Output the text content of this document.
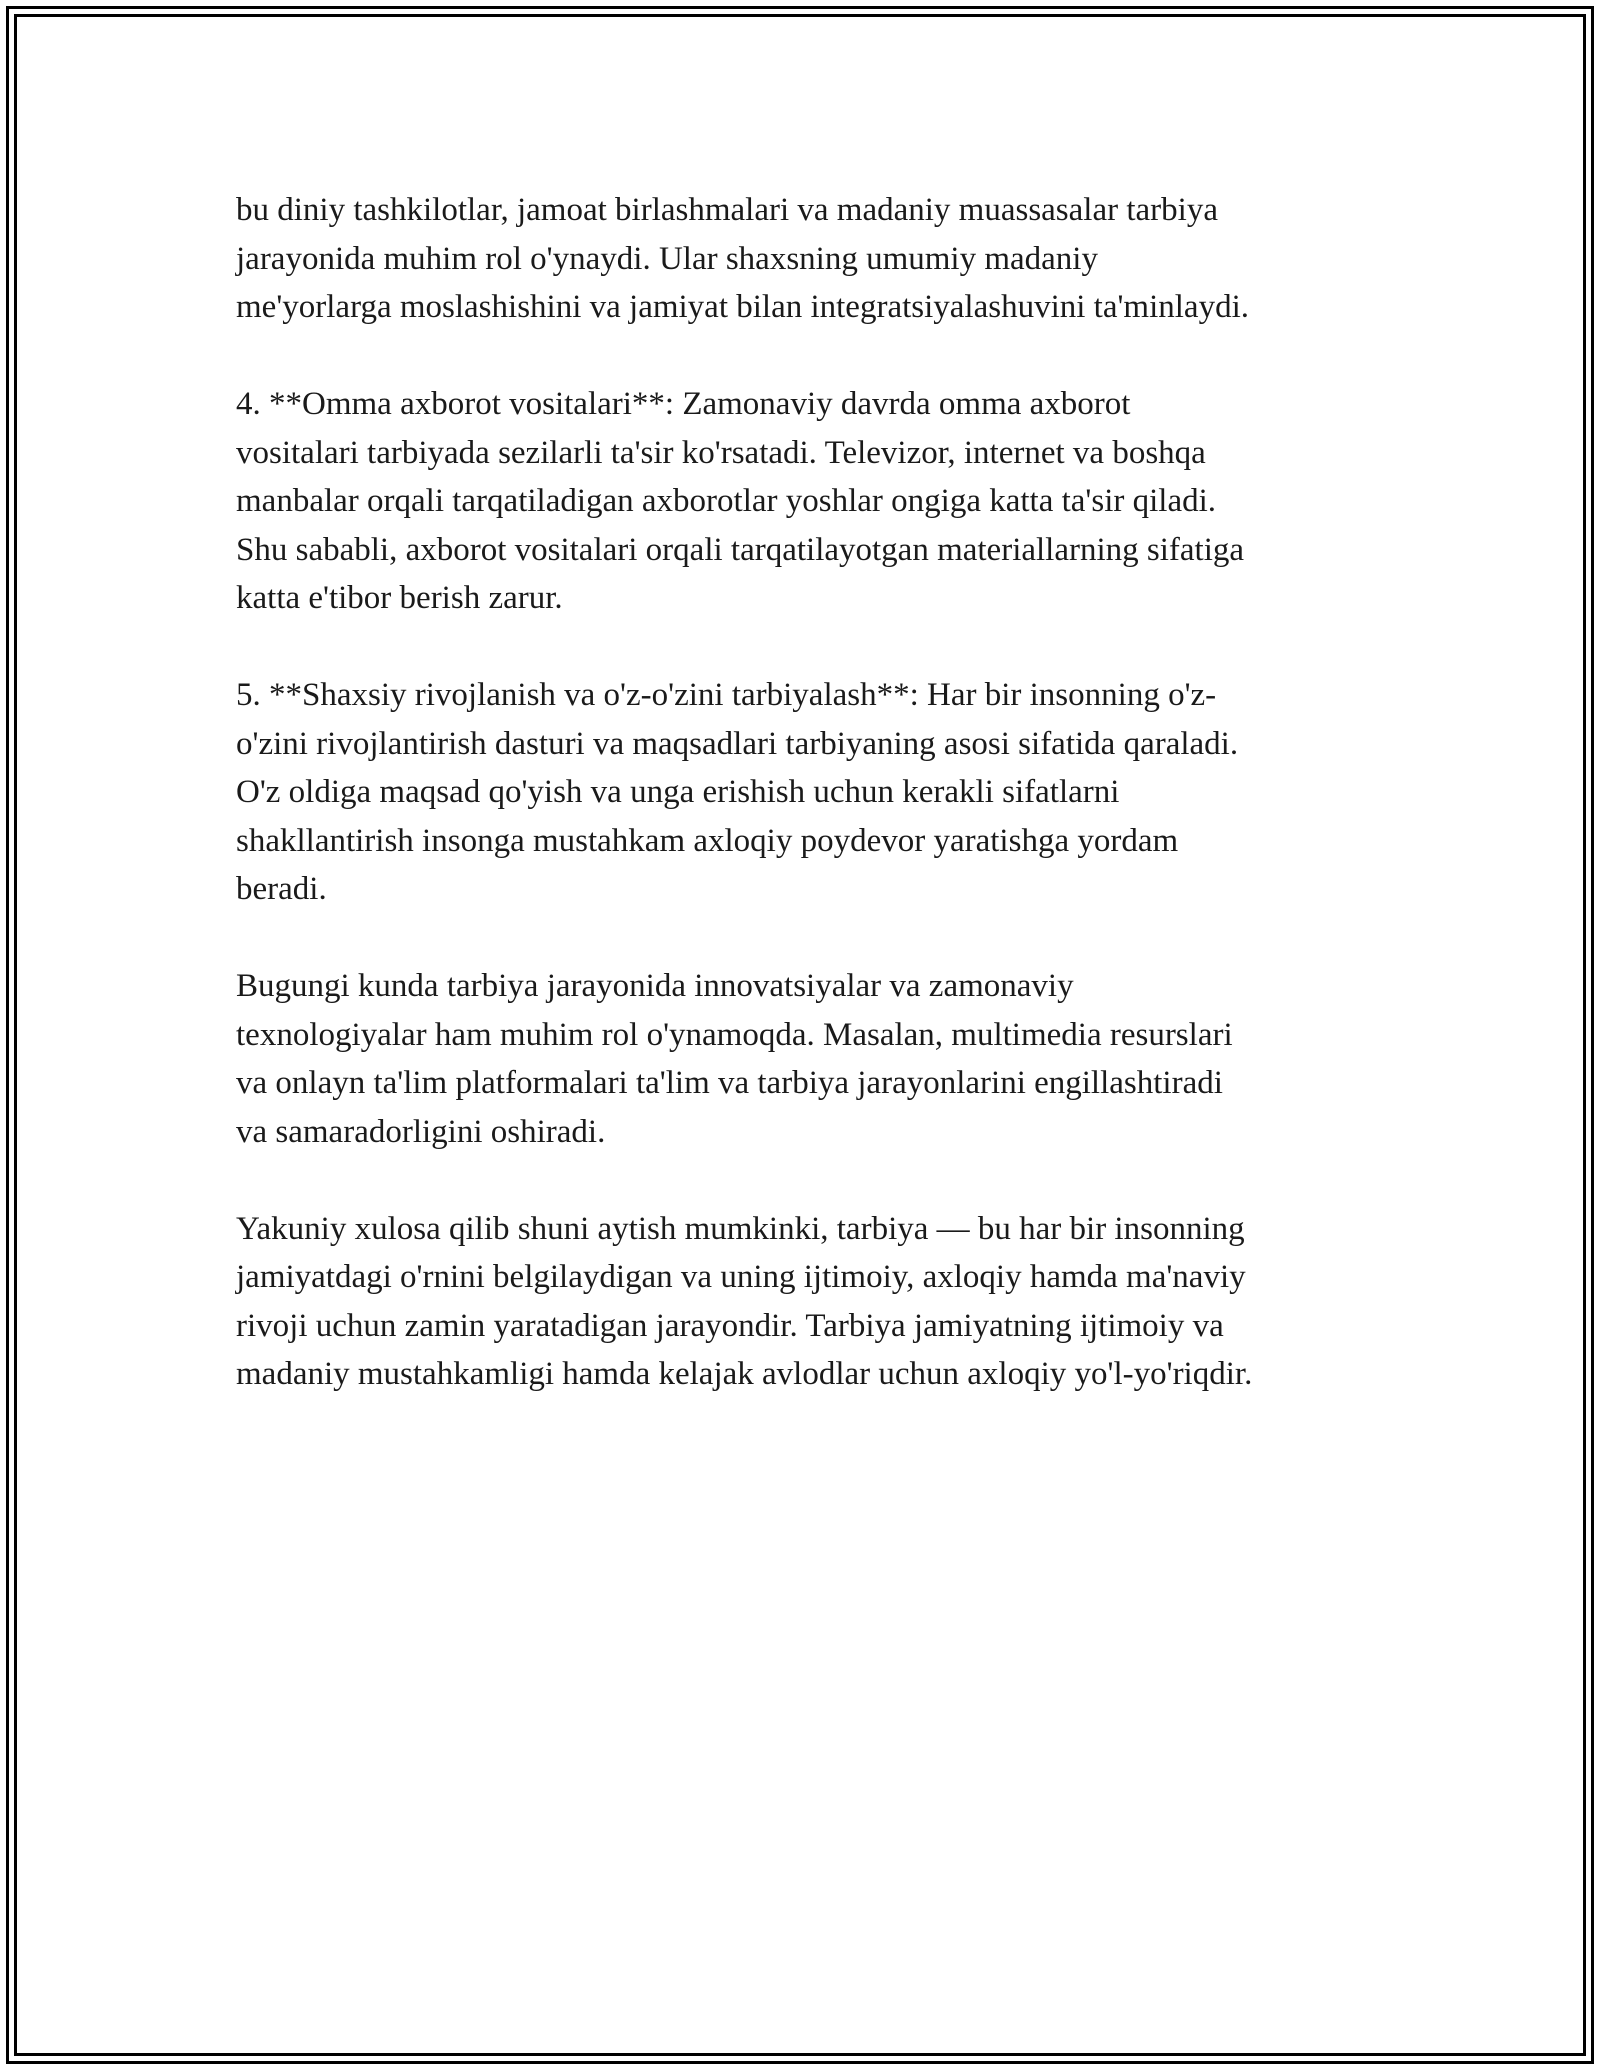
bu diniy tashkilotlar, jamoat birlashmalari va madaniy muassasalar tarbiya
jarayonida muhim rol o'ynaydi. Ular shaxsning umumiy madaniy
me'yorlarga moslashishini va jamiyat bilan integratsiyalashuvini ta'minlaydi.

4. **Omma axborot vositalari**: Zamonaviy davrda omma axborot
vositalari tarbiyada sezilarli ta'sir ko'rsatadi. Televizor, internet va boshqa
manbalar orqali tarqatiladigan axborotlar yoshlar ongiga katta ta'sir qiladi.
Shu sababli, axborot vositalari orqali tarqatilayotgan materiallarning sifatiga
katta e'tibor berish zarur.

5. **Shaxsiy rivojlanish va o'z-o'zini tarbiyalash**: Har bir insonning o'z-
o'zini rivojlantirish dasturi va maqsadlari tarbiyaning asosi sifatida qaraladi.
O'z oldiga maqsad qo'yish va unga erishish uchun kerakli sifatlarni
shakllantirish insonga mustahkam axloqiy poydevor yaratishga yordam
beradi.

Bugungi kunda tarbiya jarayonida innovatsiyalar va zamonaviy
texnologiyalar ham muhim rol o'ynamoqda. Masalan, multimedia resurslari
va onlayn ta'lim platformalari ta'lim va tarbiya jarayonlarini engillashtiradi
va samaradorligini oshiradi.

Yakuniy xulosa qilib shuni aytish mumkinki, tarbiya — bu har bir insonning
jamiyatdagi o'rnini belgilaydigan va uning ijtimoiy, axloqiy hamda ma'naviy
rivoji uchun zamin yaratadigan jarayondir. Tarbiya jamiyatning ijtimoiy va
madaniy mustahkamligi hamda kelajak avlodlar uchun axloqiy yo'l-yo'riqdir.
